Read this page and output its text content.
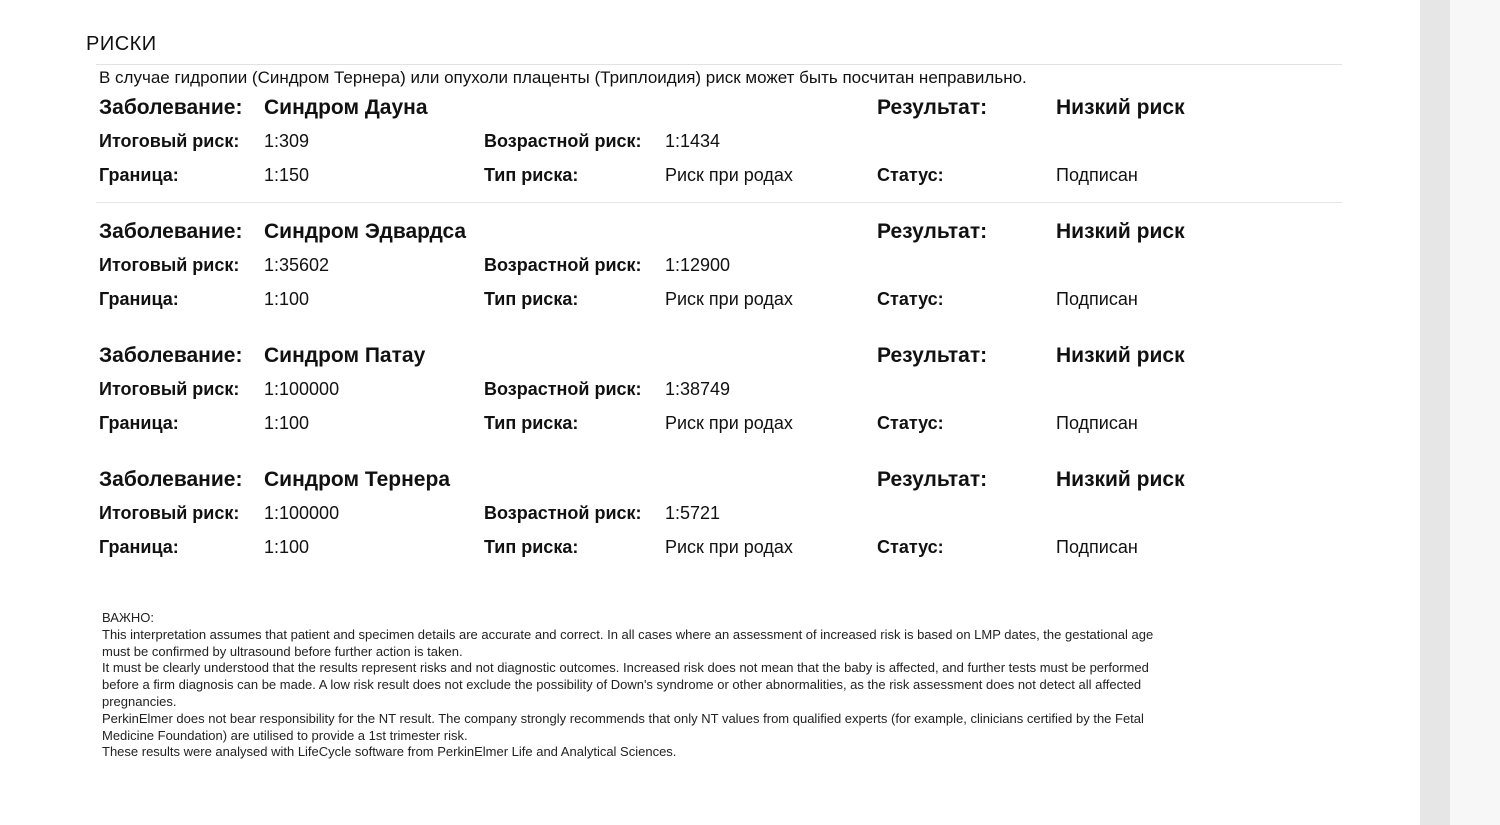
РИСКИ
В случае гидропии (Синдром Тернера) или опухоли плаценты (Триплоидия) риск может быть посчитан неправильно.
Заболевание: Синдром Дауна	Результат:	Низкий риск
Итоговый риск: 1:309	Возрастной риск: 1:1434
Граница:	1:150	Тип риска:	Риск при родах	Статус:	Подписан
Заболевание: Синдром Эдвардса	Результат:	Низкий риск
Итоговый риск: 1:35602	Возрастной риск: 1:12900
Граница:	1:100	Тип риска:	Риск при родах	Статус:	Подписан
Заболевание: Синдром Патау	Результат:	Низкий риск
Итоговый риск: 1:100000	Возрастной риск: 1:38749
Граница:	1:100	Тип риска:	Риск при родах	Статус:	Подписан
Заболевание: Синдром Тернера	Результат:	Низкий риск
Итоговый риск: 1:100000	Возрастной риск: 1:5721
Граница:	1:100	Тип риска:	Риск при родах	Статус:	Подписан

ВАЖНО:

This interpretation assumes that patient and specimen details are accurate and correct. In all cases where an assessment of increased risk is based on LMP dates, the gestational age

must be confirmed by ultrasound before further action is taken.

It must be clearly understood that the results represent risks and not diagnostic outcomes. Increased risk does not mean that the baby is affected, and further tests must be performed

before a firm diagnosis can be made. A low risk result does not exclude the possibility of Down's syndrome or other abnormalities, as the risk assessment does not detect all affected

pregnancies.

PerkinElmer does not bear responsibility for the NT result. The company strongly recommends that only NT values from qualified experts (for example, clinicians certified by the Fetal

Medicine Foundation) are utilised to provide a 1st trimester risk.

These results were analysed with LifeCycle software from PerkinElmer Life and Analytical Sciences.
